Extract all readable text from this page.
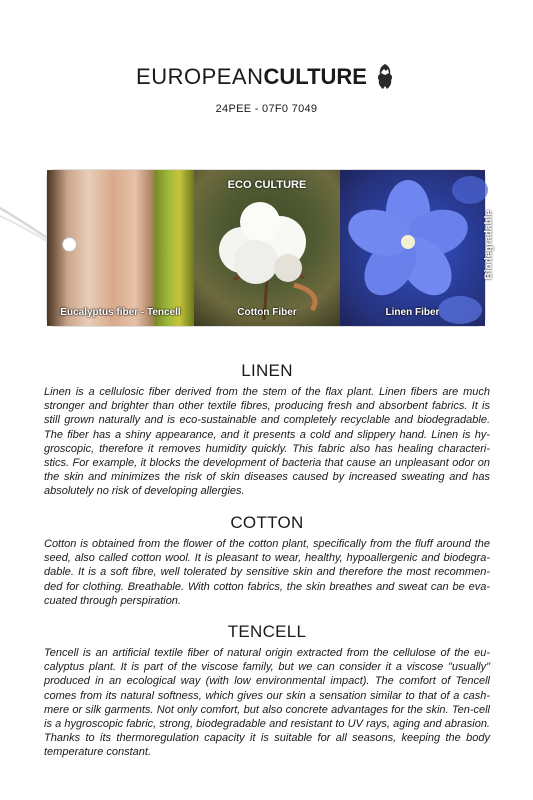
EUROPEAN CULTURE
24PEE - 07F0 7049
Eucalyptus fiber - Tencell
ECO CULTURE
Cotton Fiber
Biodegradable
Linen Fiber
LINEN

Linen is a cellulosic fiber derived from the stem of the flax plant. Linen fibers are much stronger and brighter than other textile fibres, producing fresh and absorbent fabrics. It is still grown naturally and is eco-sustainable and completely recyclable and biodegradable. The fiber has a shiny appearance, and it presents a cold and slippery hand. Linen is hy-groscopic, therefore it removes humidity quickly. This fabric also has healing characteri-stics. For example, it blocks the development of bacteria that cause an unpleasant odor on the skin and minimizes the risk of skin diseases caused by increased sweating and has absolutely no risk of developing allergies.

COTTON

Cotton is obtained from the flower of the cotton plant, specifically from the fluff around the seed, also called cotton wool. It is pleasant to wear, healthy, hypoallergenic and biodegra-dable. It is a soft fibre, well tolerated by sensitive skin and therefore the most recommen-ded for clothing. Breathable. With cotton fabrics, the skin breathes and sweat can be eva-cuated through perspiration.

TENCELL

Tencell is an artificial textile fiber of natural origin extracted from the cellulose of the eu-calyptus plant. It is part of the viscose family, but we can consider it a viscose "usually" produced in an ecological way (with low environmental impact). The comfort of Tencell comes from its natural softness, which gives our skin a sensation similar to that of a cash-mere or silk garments. Not only comfort, but also concrete advantages for the skin. Ten-cell is a hygroscopic fabric, strong, biodegradable and resistant to UV rays, aging and abrasion. Thanks to its thermoregulation capacity it is suitable for all seasons, keeping the body temperature constant.
